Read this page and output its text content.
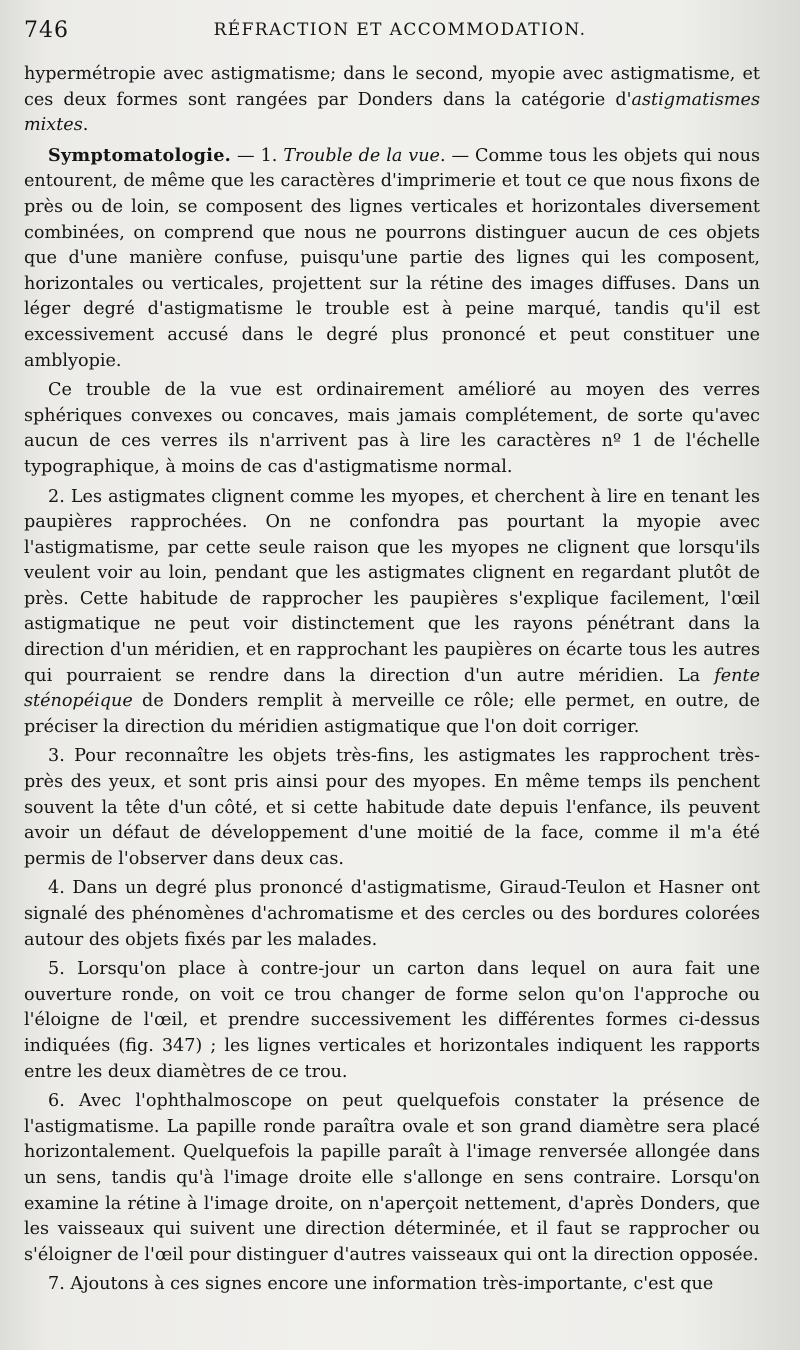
746	RÉFRACTION ET ACCOMMODATION.

hypermétropie avec astigmatisme; dans le second, myopie avec astigmatisme, et ces deux formes sont rangées par Donders dans la catégorie d'astigmatismes mixtes.

Symptomatologie. — 1. Trouble de la vue. — Comme tous les objets qui nous entourent, de même que les caractères d'imprimerie et tout ce que nous fixons de près ou de loin, se composent des lignes verticales et horizontales diversement combinées, on comprend que nous ne pourrons distinguer aucun de ces objets que d'une manière confuse, puisqu'une partie des lignes qui les composent, horizontales ou verticales, projettent sur la rétine des images diffuses. Dans un léger degré d'astigmatisme le trouble est à peine marqué, tandis qu'il est excessivement accusé dans le degré plus prononcé et peut constituer une amblyopie.

Ce trouble de la vue est ordinairement amélioré au moyen des verres sphériques convexes ou concaves, mais jamais complétement, de sorte qu'avec aucun de ces verres ils n'arrivent pas à lire les caractères nº 1 de l'échelle typographique, à moins de cas d'astigmatisme normal.

2. Les astigmates clignent comme les myopes, et cherchent à lire en tenant les paupières rapprochées. On ne confondra pas pourtant la myopie avec l'astigmatisme, par cette seule raison que les myopes ne clignent que lorsqu'ils veulent voir au loin, pendant que les astigmates clignent en regardant plutôt de près. Cette habitude de rapprocher les paupières s'explique facilement, l'œil astigmatique ne peut voir distinctement que les rayons pénétrant dans la direction d'un méridien, et en rapprochant les paupières on écarte tous les autres qui pourraient se rendre dans la direction d'un autre méridien. La fente sténopéique de Donders remplit à merveille ce rôle; elle permet, en outre, de préciser la direction du méridien astigmatique que l'on doit corriger.

3. Pour reconnaître les objets très-fins, les astigmates les rapprochent très-près des yeux, et sont pris ainsi pour des myopes. En même temps ils penchent souvent la tête d'un côté, et si cette habitude date depuis l'enfance, ils peuvent avoir un défaut de développement d'une moitié de la face, comme il m'a été permis de l'observer dans deux cas.

4. Dans un degré plus prononcé d'astigmatisme, Giraud-Teulon et Hasner ont signalé des phénomènes d'achromatisme et des cercles ou des bordures colorées autour des objets fixés par les malades.

5. Lorsqu'on place à contre-jour un carton dans lequel on aura fait une ouverture ronde, on voit ce trou changer de forme selon qu'on l'approche ou l'éloigne de l'œil, et prendre successivement les différentes formes ci-dessus indiquées (fig. 347) ; les lignes verticales et horizontales indiquent les rapports entre les deux diamètres de ce trou.

6. Avec l'ophthalmoscope on peut quelquefois constater la présence de l'astigmatisme. La papille ronde paraîtra ovale et son grand diamètre sera placé horizontalement. Quelquefois la papille paraît à l'image renversée allongée dans un sens, tandis qu'à l'image droite elle s'allonge en sens contraire. Lorsqu'on examine la rétine à l'image droite, on n'aperçoit nettement, d'après Donders, que les vaisseaux qui suivent une direction déterminée, et il faut se rapprocher ou s'éloigner de l'œil pour distinguer d'autres vaisseaux qui ont la direction opposée.

7. Ajoutons à ces signes encore une information très-importante, c'est que
